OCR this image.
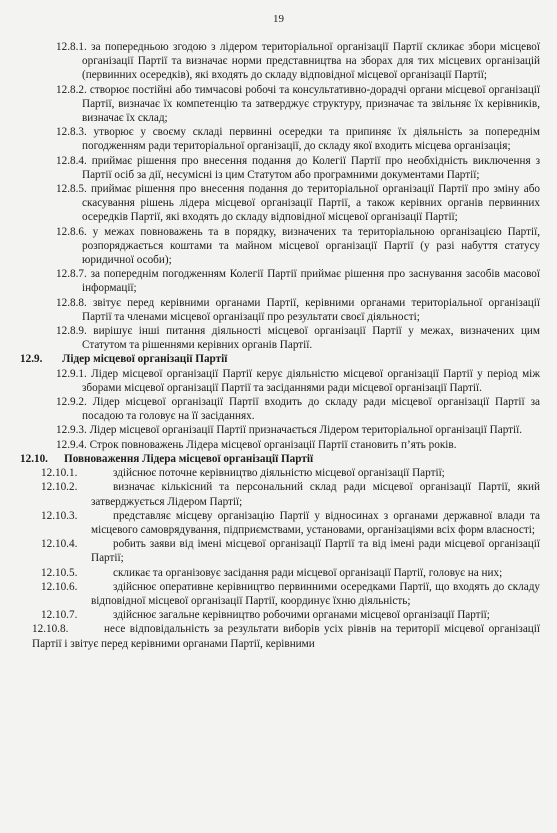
19

12.8.1. за попередньою згодою з лідером територіальної організації Партії скликає збори місцевої організації Партії та визначає норми представництва на зборах для тих місцевих організацій (первинних осередків), які входять до складу відповідної місцевої організації Партії;

12.8.2. створює постійні або тимчасові робочі та консультативно-дорадчі органи місцевої організації Партії, визначає їх компетенцію та затверджує структуру, призначає та звільняє їх керівників, визначає їх склад;

12.8.3. утворює у своєму складі первинні осередки та припиняє їх діяльність за попереднім погодженням ради територіальної організації, до складу якої входить місцева організація;

12.8.4. приймає рішення про внесення подання до Колегії Партії про необхідність виключення з Партії осіб за дії, несумісні із цим Статутом або програмними документами Партії;

12.8.5. приймає рішення про внесення подання до територіальної організації Партії про зміну або скасування рішень лідера місцевої організації Партії, а також керівних органів первинних осередків Партії, які входять до складу відповідної місцевої організації Партії;

12.8.6. у межах повноважень та в порядку, визначених та територіальною організацією Партії, розпоряджається коштами та майном місцевої організації Партії (у разі набуття статусу юридичної особи);

12.8.7. за попереднім погодженням Колегії Партії приймає рішення про заснування засобів масової інформації;

12.8.8. звітує перед керівними органами Партії, керівними органами територіальної організації Партії та членами місцевої організації про результати своєї діяльності;

12.8.9. вирішує інші питання діяльності місцевої організації Партії у межах, визначених цим Статутом та рішеннями керівних органів Партії.

12.9. Лідер місцевої організації Партії

12.9.1. Лідер місцевої організації Партії керує діяльністю місцевої організації Партії у період між зборами місцевої організації Партії та засіданнями ради місцевої організації Партії.

12.9.2. Лідер місцевої організації Партії входить до складу ради місцевої організації Партії за посадою та головує на її засіданнях.

12.9.3. Лідер місцевої організації Партії призначається Лідером територіальної організації Партії.

12.9.4. Строк повноважень Лідера місцевої організації Партії становить п’ять років.

12.10. Повноваження Лідера місцевої організації Партії

12.10.1.	здійснює поточне керівництво діяльністю місцевої організації Партії;

12.10.2.	визначає кількісний та персональний склад ради місцевої організації Партії, який затверджується Лідером Партії;

12.10.3.	представляє місцеву організацію Партії у відносинах з органами державної влади та місцевого самоврядування, підприємствами, установами, організаціями всіх форм власності;

12.10.4.	робить заяви від імені місцевої організації Партії та від імені ради місцевої організації Партії;

12.10.5.	скликає та організовує засідання ради місцевої організації Партії, головує на них;

12.10.6.	здійснює оперативне керівництво первинними осередками Партії, що входять до складу відповідної місцевої організації Партії, координує їхню діяльність;

12.10.7.	здійснює загальне керівництво робочими органами місцевої організації Партії;

12.10.8.	несе відповідальність за результати виборів усіх рівнів на території місцевої організації Партії і звітує перед керівними органами Партії, керівними
